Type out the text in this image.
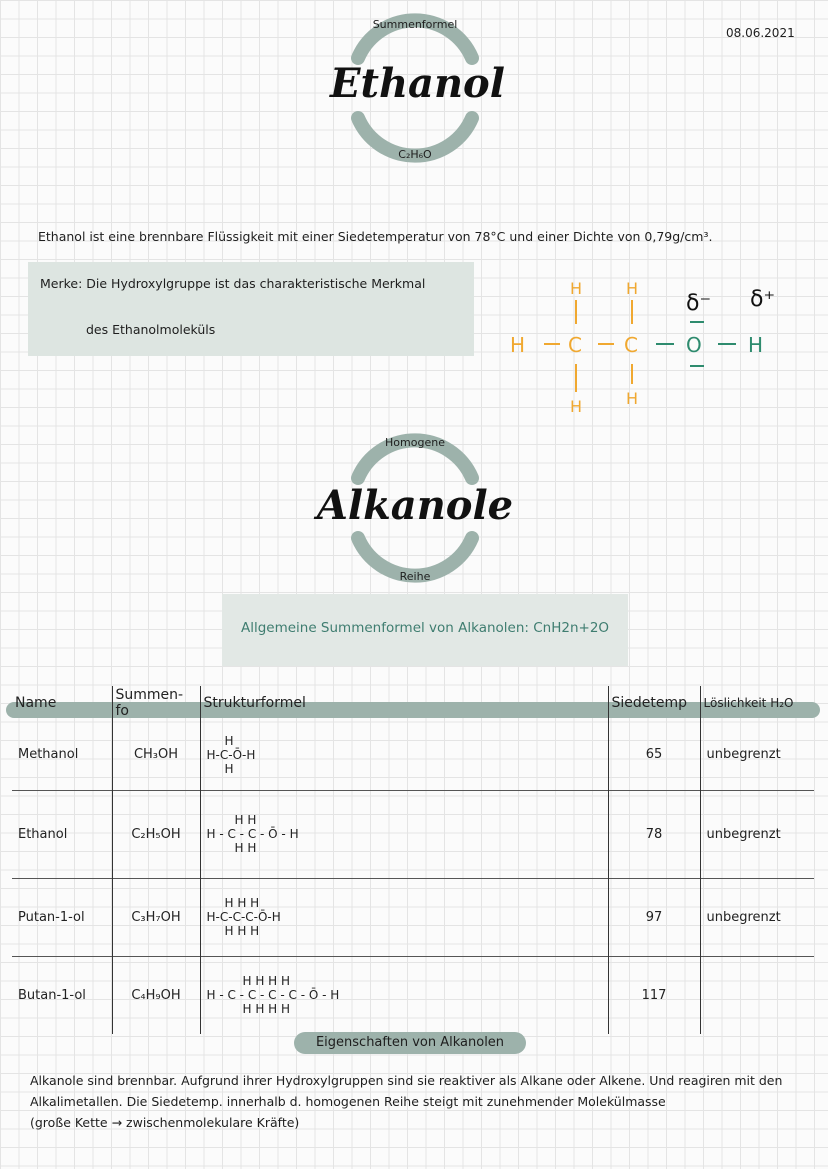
08.06.2021
Summenformel
Ethanol
C₂H₆O
Ethanol ist eine brennbare Flüssigkeit mit einer Siedetemperatur von 78°C und einer Dichte von 0,79g/cm³.
Merke: Die Hydroxylgruppe ist das charakteristische Merkmal
des Ethanolmoleküls
H C C
H	H
H	H
O H
δ⁻ δ⁺
Homogene
Alkanole
Reihe
Allgemeine Summenformel von Alkanolen: CnH2n+2O
Name	Summen-fo	Strukturformel	Siedetemp	Löslichkeit H₂O
Methanol	CH₃OH	H
H-C-Ō-H
H	65	unbegrenzt
Ethanol	C₂H₅OH	H H
H - C - C - Ō - H
H H	78	unbegrenzt
Putan-1-ol	C₃H₇OH	H H H
H-C-C-C-Ō-H
H H H	97	unbegrenzt
Butan-1-ol	C₄H₉OH	H H H H
H - C - C - C - C - Ō - H
H H H H	117	
Eigenschaften von Alkanolen
Alkanole sind brennbar. Aufgrund ihrer Hydroxylgruppen sind sie reaktiver als Alkane oder Alkene. Und reagiren mit den
Alkalimetallen. Die Siedetemp. innerhalb d. homogenen Reihe steigt mit zunehmender Molekülmasse
(große Kette → zwischenmolekulare Kräfte)
